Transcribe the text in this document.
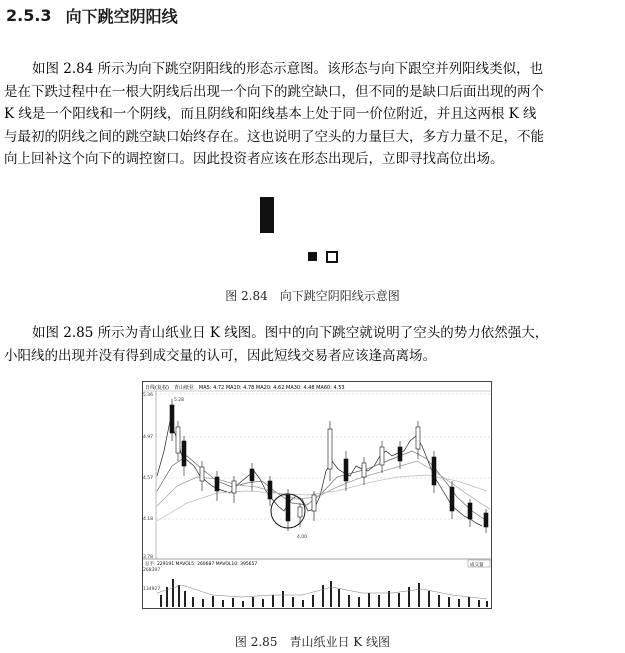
2.5.3 向下跳空阴阳线
如图 2.84 所示为向下跳空阴阳线的形态示意图。该形态与向下跟空并列阳线类似，也
是在下跌过程中在一根大阴线后出现一个向下的跳空缺口，但不同的是缺口后面出现的两个
K 线是一个阳线和一个阴线，而且阴线和阳线基本上处于同一价位附近，并且这两根 K 线
与最初的阴线之间的跳空缺口始终存在。这也说明了空头的力量巨大，多方力量不足，不能
向上回补这个向下的调控窗口。因此投资者应该在形态出现后，立即寻找高位出场。
图 2.84　向下跳空阴阳线示意图
如图 2.85 所示为青山纸业日 K 线图。图中的向下跳空就说明了空头的势力依然强大，
小阳线的出现并没有得到成交量的认可，因此短线交易者应该逢高离场。
日线(复权)　青山纸业　MA5: 4.72 MA10: 4.78 MA20: 4.62 MA30: 4.48 MA60: 4.53
5.36
4.97
4.57
4.18
3.78
5.28
4.00
总手: 229191 MAVOL5: 260687 MAVOL10: 395657	成交量
268397
134927
图 2.85　青山纸业日 K 线图
